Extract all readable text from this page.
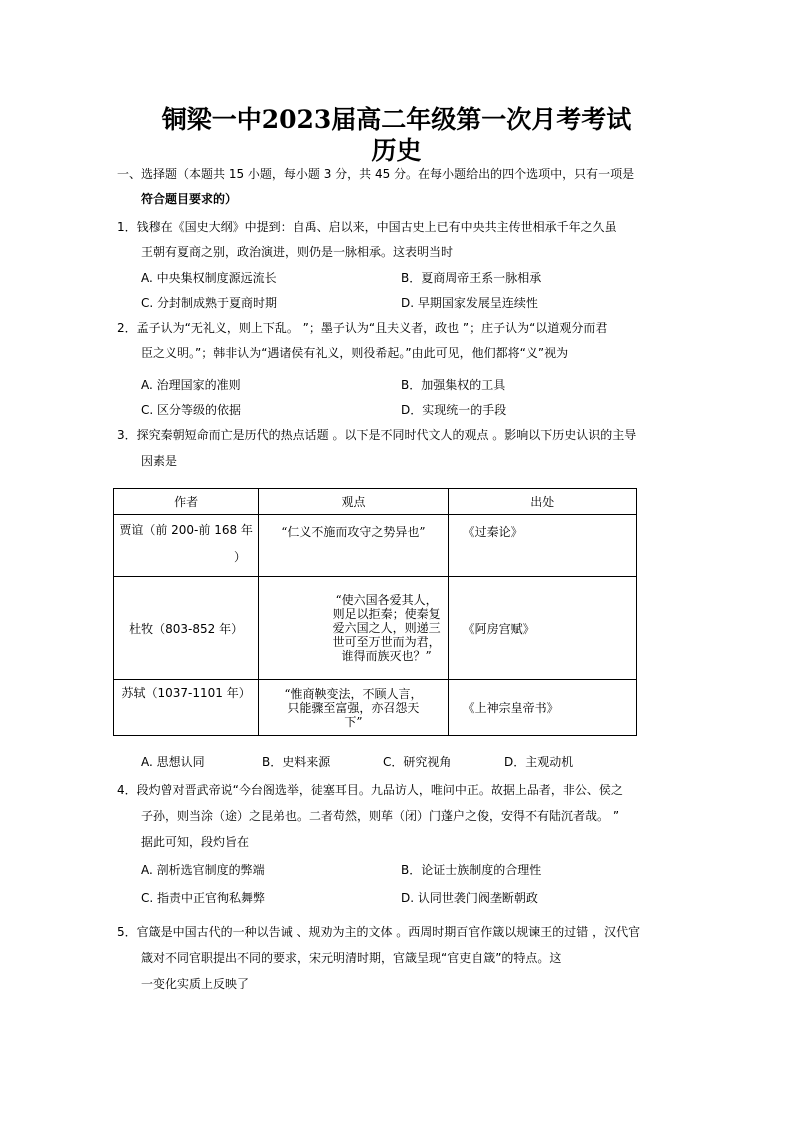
铜梁一中2023届高二年级第一次月考考试
历史
一、选择题（本题共 15 小题，每小题 3 分，共 45 分。在每小题给出的四个选项中，只有一项是
符合题目要求的）
1．钱穆在《国史大纲》中提到：自禹、启以来，中国古史上已有中央共主传世相承千年之久虽
王朝有夏商之别，政治演进，则仍是一脉相承。这表明当时
A. 中央集权制度源远流长	B．夏商周帝王系一脉相承
C. 分封制成熟于夏商时期	D. 早期国家发展呈连续性
2．孟子认为“无礼义，则上下乱。 ”；墨子认为“且夫义者，政也 ”；庄子认为“以道观分而君
臣之义明。”；韩非认为“遇诸侯有礼义，则役希起。”由此可见，他们都将“义”视为
A. 治理国家的准则	B．加强集权的工具
C. 区分等级的依据	D．实现统一的手段
3．探究秦朝短命而亡是历代的热点话题 。以下是不同时代文人的观点 。影响以下历史认识的主导
因素是
作者	观点	出处

贾谊（前 200-前 168 年
）	“仁义不施而攻守之势异也”	《过秦论》
杜牧（803-852 年）	“使六国各爱其人，则足以拒秦；使秦复爱六国之人，则递三世可至万世而为君，谁得而族灭也？”	《阿房宫赋》
苏轼（1037-1101 年）	“惟商鞅变法，不顾人言，只能骤至富强，亦召怨天下”	《上神宗皇帝书》
A. 思想认同	B．史料来源	C．研究视角	D．主观动机
4．段灼曾对晋武帝说“今台阁选举，徒塞耳目。九品访人，唯问中正。故据上品者，非公、侯之
子孙，则当涂（途）之昆弟也。二者苟然，则荜（闭）门蓬户之俊，安得不有陆沉者哉。 ”
据此可知，段灼旨在
A. 剖析选官制度的弊端	B．论证士族制度的合理性
C. 指责中正官徇私舞弊	D. 认同世袭门阀垄断朝政
5．官箴是中国古代的一种以告诫 、规劝为主的文体 。西周时期百官作箴以规谏王的过错 ，汉代官
箴对不同官职提出不同的要求，宋元明清时期，官箴呈现“官吏自箴”的特点。这
一变化实质上反映了
